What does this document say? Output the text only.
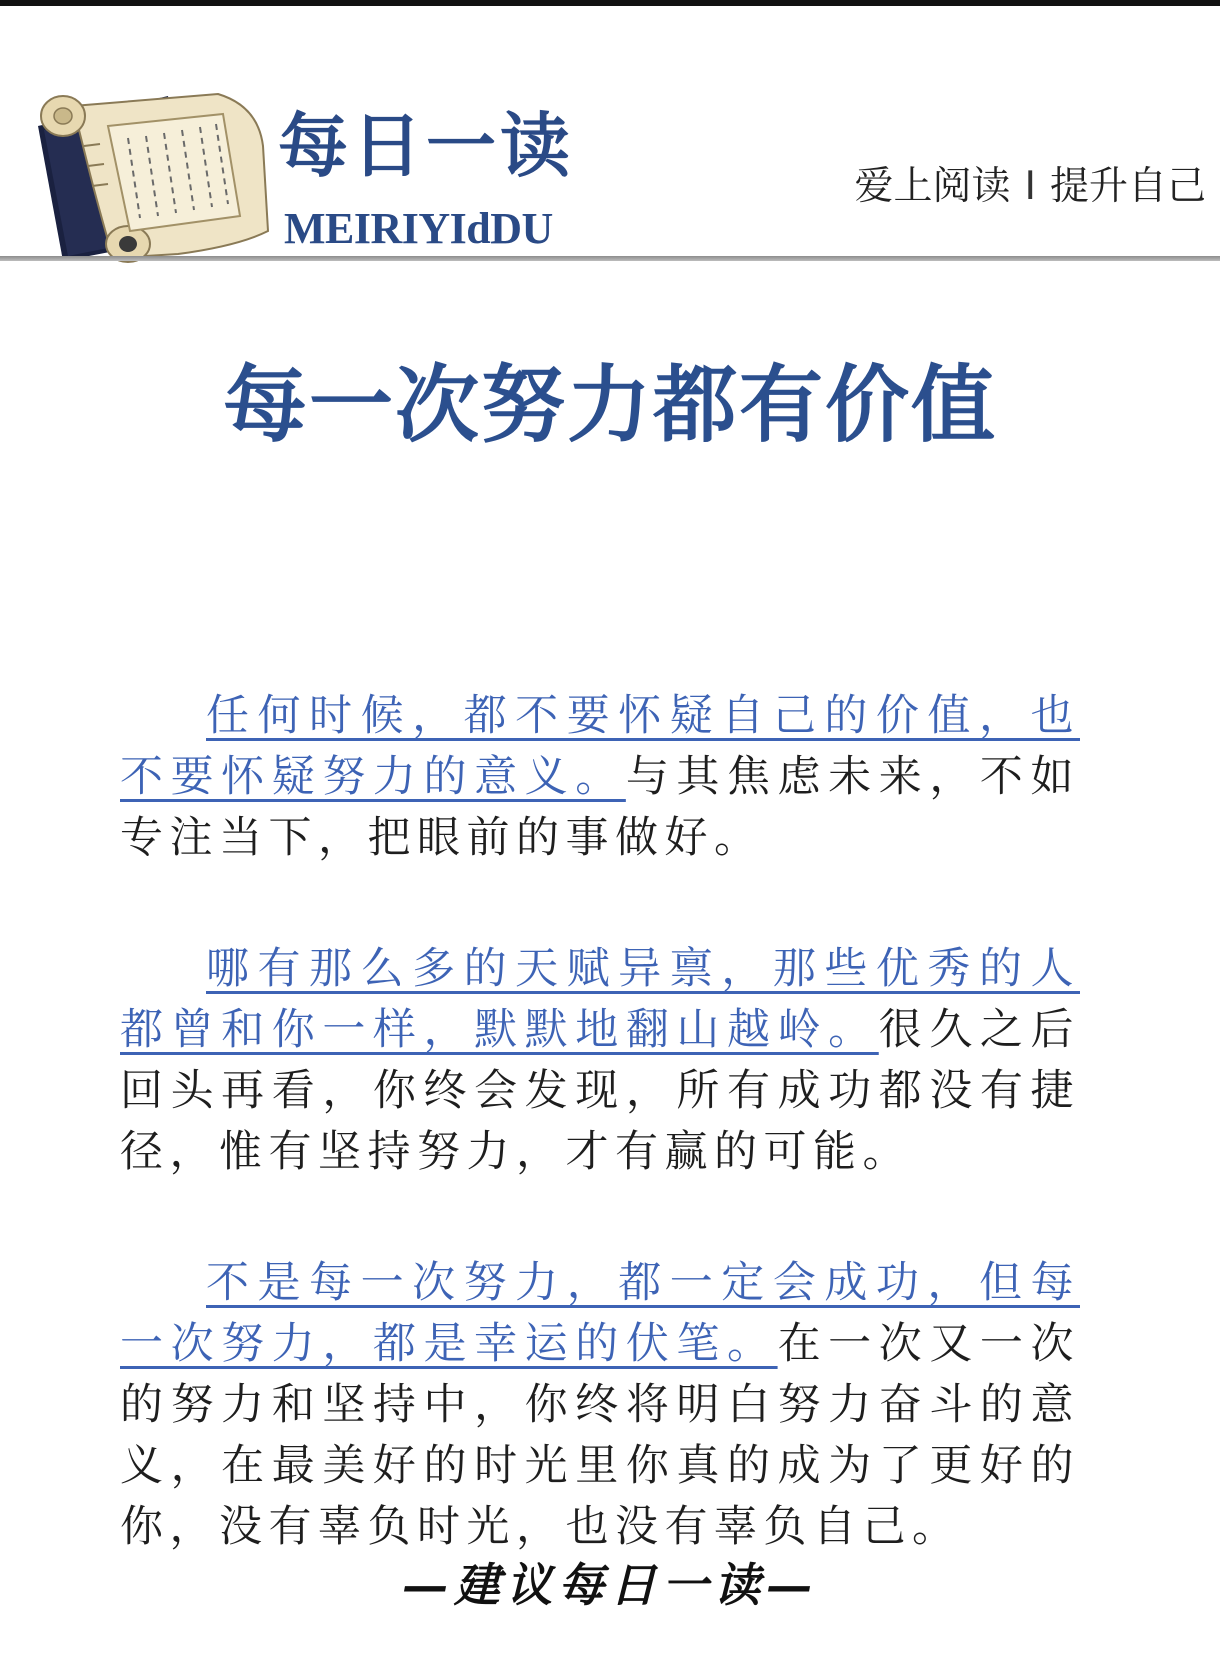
每日一读
MEIRIYIdDU
爱上阅读 I 提升自己
每一次努力都有价值

任何时候，都不要怀疑自己的价值，也不要怀疑努力的意义。与其焦虑未来，不如专注当下，把眼前的事做好。

哪有那么多的天赋异禀，那些优秀的人都曾和你一样，默默地翻山越岭。很久之后回头再看，你终会发现，所有成功都没有捷径，惟有坚持努力，才有赢的可能。

不是每一次努力，都一定会成功，但每一次努力，都是幸运的伏笔。在一次又一次的努力和坚持中，你终将明白努力奋斗的意义，在最美好的时光里你真的成为了更好的你，没有辜负时光，也没有辜负自己。

—建议每日一读—
